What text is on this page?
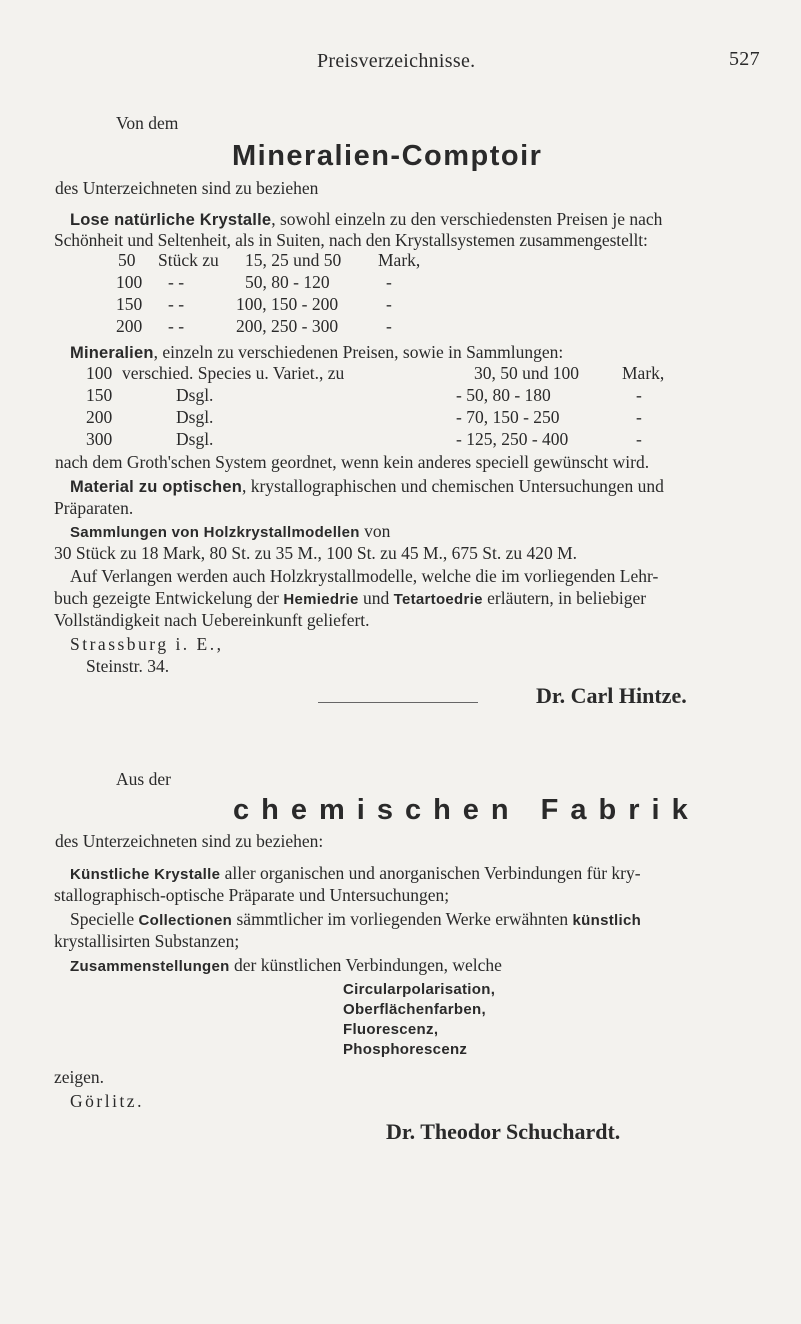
Preisverzeichnisse.	527
Von dem
Mineralien-Comptoir
des Unterzeichneten sind zu beziehen
Lose natürliche Krystalle, sowohl einzeln zu den verschiedensten Preisen je nach
Schönheit und Seltenheit, als in Suiten, nach den Krystallsystemen zusammengestellt:
50 Stück zu 15, 25 und 50 Mark,
100 - -	50, 80 - 120	-
150 - -	100, 150 - 200	-
200 - -	200, 250 - 300	-
Mineralien, einzeln zu verschiedenen Preisen, sowie in Sammlungen:
100 verschied. Species u. Variet., zu	30, 50 und 100 Mark,
150	Dsgl.	- 50, 80 - 180	-
200	Dsgl.	- 70, 150 - 250	-
300	Dsgl.	- 125, 250 - 400	-
nach dem Groth'schen System geordnet, wenn kein anderes speciell gewünscht wird.
Material zu optischen, krystallographischen und chemischen Untersuchungen und
Präparaten.
Sammlungen von Holzkrystallmodellen von
30 Stück zu 18 Mark, 80 St. zu 35 M., 100 St. zu 45 M., 675 St. zu 420 M.
Auf Verlangen werden auch Holzkrystallmodelle, welche die im vorliegenden Lehr-
buch gezeigte Entwickelung der Hemiedrie und Tetartoedrie erläutern, in beliebiger
Vollständigkeit nach Uebereinkunft geliefert.
Strassburg i. E.,
Steinstr. 34.
Dr. Carl Hintze.
Aus der
chemischen Fabrik
des Unterzeichneten sind zu beziehen:
Künstliche Krystalle aller organischen und anorganischen Verbindungen für kry-
stallographisch-optische Präparate und Untersuchungen;
Specielle Collectionen sämmtlicher im vorliegenden Werke erwähnten künstlich
krystallisirten Substanzen;
Zusammenstellungen der künstlichen Verbindungen, welche
Circularpolarisation,
Oberflächenfarben,
Fluorescenz,
Phosphorescenz
zeigen.
Görlitz.
Dr. Theodor Schuchardt.
